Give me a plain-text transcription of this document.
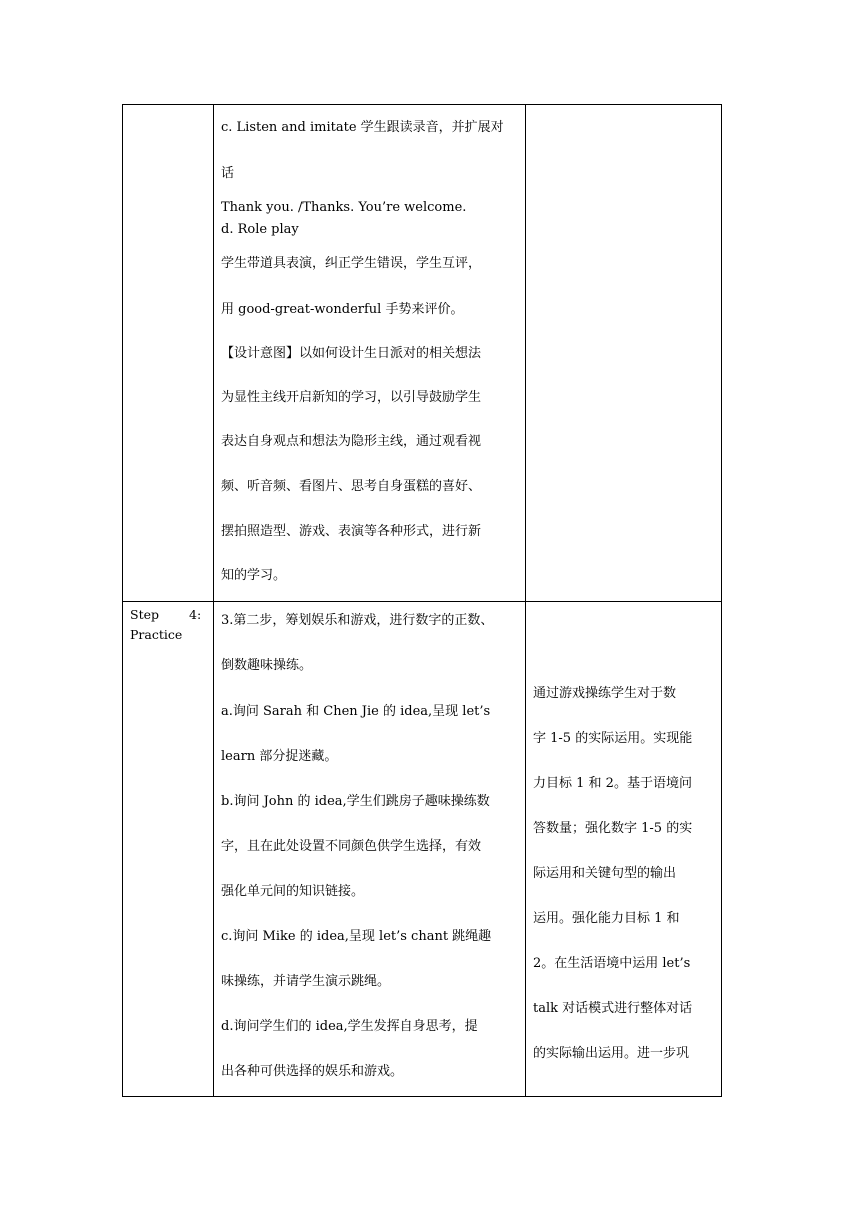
c. Listen and imitate 学生跟读录音，并扩展对
话
Thank you. /Thanks. You’re welcome.
d. Role play
学生带道具表演，纠正学生错误，学生互评，
用 good-great-wonderful 手势来评价。
【设计意图】以如何设计生日派对的相关想法
为显性主线开启新知的学习，以引导鼓励学生
表达自身观点和想法为隐形主线，通过观看视
频、听音频、看图片、思考自身蛋糕的喜好、
摆拍照造型、游戏、表演等各种形式，进行新
知的学习。
Step 4:
Practice
3.第二步，筹划娱乐和游戏，进行数字的正数、
倒数趣味操练。
a.询问 Sarah 和 Chen Jie 的 idea,呈现 let’s
learn 部分捉迷藏。
b.询问 John 的 idea,学生们跳房子趣味操练数
字，且在此处设置不同颜色供学生选择，有效
强化单元间的知识链接。
c.询问 Mike 的 idea,呈现 let’s chant 跳绳趣
味操练，并请学生演示跳绳。
d.询问学生们的 idea,学生发挥自身思考，提
出各种可供选择的娱乐和游戏。
通过游戏操练学生对于数
字 1-5 的实际运用。实现能
力目标 1 和 2。基于语境问
答数量；强化数字 1-5 的实
际运用和关键句型的输出
运用。强化能力目标 1 和
2。在生活语境中运用 let’s
talk 对话模式进行整体对话
的实际输出运用。进一步巩
